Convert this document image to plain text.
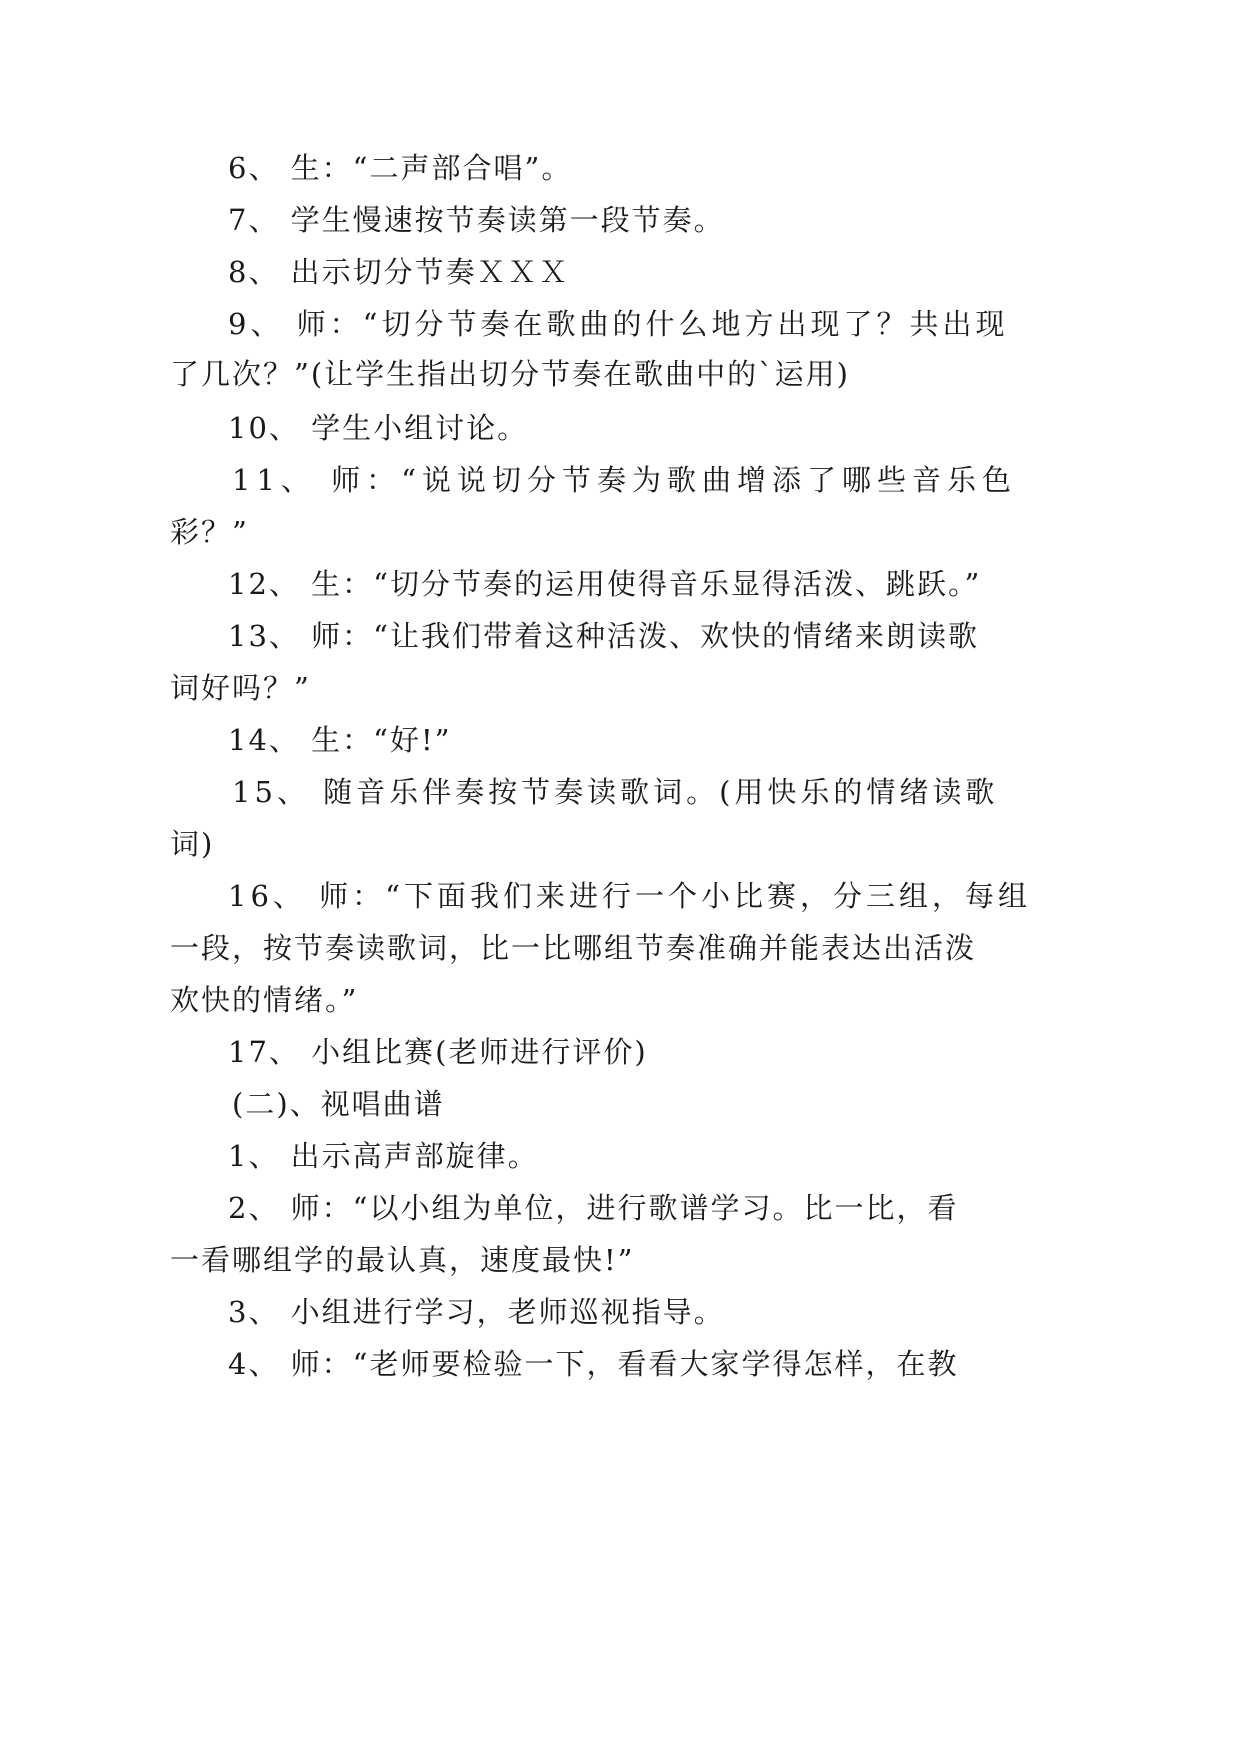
6、 生：“二声部合唱”。
7、 学生慢速按节奏读第一段节奏。
8、 出示切分节奏ＸＸＸ
9、 师：“切分节奏在歌曲的什么地方出现了？共出现
了几次？”(让学生指出切分节奏在歌曲中的`运用)
10、 学生小组讨论。
11、 师：“说说切分节奏为歌曲增添了哪些音乐色
彩？”
12、 生：“切分节奏的运用使得音乐显得活泼、跳跃。”
13、 师：“让我们带着这种活泼、欢快的情绪来朗读歌
词好吗？”
14、 生：“好!”
15、 随音乐伴奏按节奏读歌词。(用快乐的情绪读歌
词)
16、 师：“下面我们来进行一个小比赛，分三组，每组
一段，按节奏读歌词，比一比哪组节奏准确并能表达出活泼
欢快的情绪。”
17、 小组比赛(老师进行评价)
(二)、视唱曲谱
1、 出示高声部旋律。
2、 师：“以小组为单位，进行歌谱学习。比一比，看
一看哪组学的最认真，速度最快!”
3、 小组进行学习，老师巡视指导。
4、 师：“老师要检验一下，看看大家学得怎样，在教
